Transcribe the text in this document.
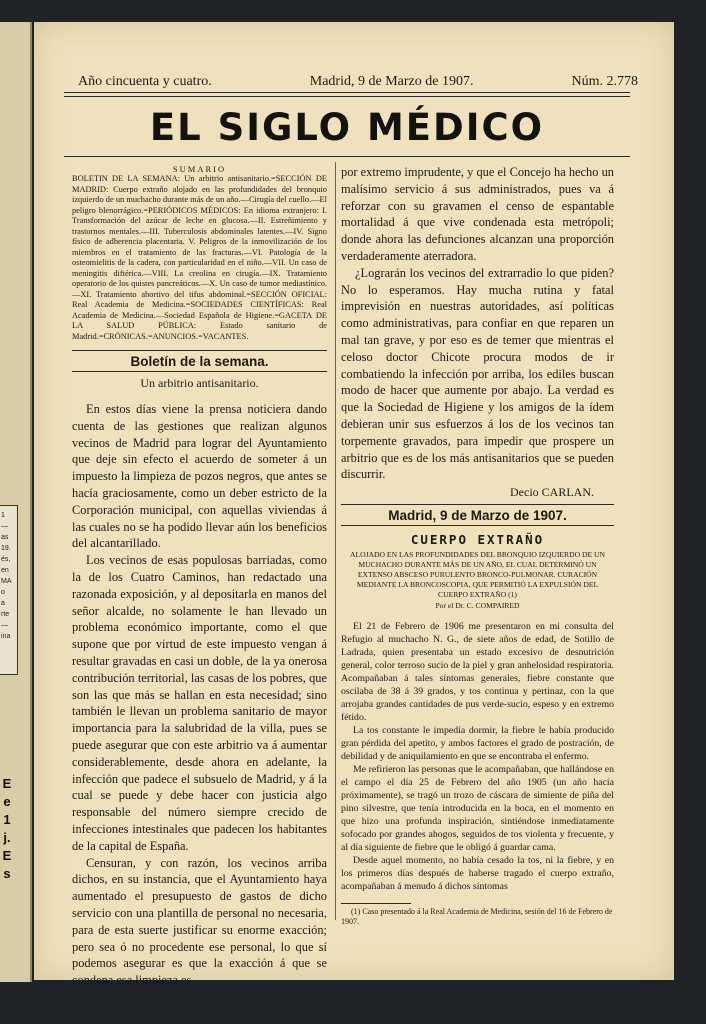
1
—
as
19.
és,
en
MA
o
a
rte
—
ina
E
e
1
j.
E
s
Año cincuenta y cuatro.	Madrid, 9 de Marzo de 1907.	Núm. 2.778
EL SIGLO MÉDICO
SUMARIO
BOLETIN DE LA SEMANA: Un arbitrio antisanitario.=SECCIÓN DE MADRID: Cuerpo extraño alojado en las profundidades del bronquio izquierdo de un muchacho durante más de un año.—Cirugía del cuello.—El peligro blenorrágico.=PERIÓDICOS MÉDICOS: En idioma extranjero: I. Transformación del azúcar de leche en glucosa.—II. Estreñimiento y trastornos mentales.—III. Tuberculosis abdominales latentes.—IV. Signo físico de adherencia placentaria. V. Peligros de la inmovilización de los miembros en el tratamiento de las fracturas.—VI. Patología de la osteomielitis de la cadera, con particularidad en el niño.—VII. Un caso de meningitis diftérica.—VIII. La creolina en cirugía.—IX. Tratamiento operatorio de los quistes pancreáticos.—X. Un caso de tumor mediastínico.—XI. Tratamiento abortivo del tifus abdominal.=SECCIÓN OFICIAL: Real Academia de Medicina.=SOCIEDADES CIENTÍFICAS: Real Academia de Medicina.—Sociedad Española de Higiene.=GACETA DE LA SALUD PÚBLICA: Estado sanitario de Madrid.=CRÓNICAS.=ANUNCIOS.=VACANTES.
Boletín de la semana.
Un arbitrio antisanitario.

En estos días viene la prensa noticiera dando cuenta de las gestiones que realizan algunos vecinos de Madrid para lograr del Ayuntamiento que deje sin efecto el acuerdo de someter á un impuesto la limpieza de pozos negros, que antes se hacía graciosamente, como un deber estricto de la Corporación municipal, con aquellas viviendas á las cuales no se ha podido llevar aún los beneficios del alcantarillado.

Los vecinos de esas populosas barriadas, como la de los Cuatro Caminos, han redactado una razonada exposición, y al depositarla en manos del señor alcalde, no solamente le han llevado un problema económico importante, como el que supone que por virtud de este impuesto vengan á resultar gravadas en casi un doble, de la ya onerosa contribución territorial, las casas de los pobres, que son las que más se hallan en esta necesidad; sino también le llevan un problema sanitario de mayor importancia para la salubridad de la villa, pues se puede asegurar que con este arbitrio va á aumentar considerablemente, desde ahora en adelante, la infección que padece el subsuelo de Madrid, y á la cual se puede y debe hacer con justicia algo responsable del número siempre crecido de infecciones intestinales que padecen los habitantes de la capital de España.

Censuran, y con razón, los vecinos arriba dichos, en su instancia, que el Ayuntamiento haya aumentado el presupuesto de gastos de dicho servicio con una plantilla de personal no necesaria, para de esta suerte justificar su enorme exacción; pero sea ó no procedente ese personal, lo que sí podemos asegurar es que la exacción á que se condena esa limpieza es

por extremo imprudente, y que el Concejo ha hecho un malísimo servicio á sus administrados, pues va á reforzar con su gravamen el censo de espantable mortalidad á que vive condenada esta metrópoli; donde ahora las defunciones alcanzan una proporción verdaderamente aterradora.

¿Lograrán los vecinos del extrarradio lo que piden? No lo esperamos. Hay mucha rutina y fatal imprevisión en nuestras autoridades, así políticas como administrativas, para confiar en que reparen un mal tan grave, y por eso es de temer que mientras el celoso doctor Chicote procura modos de ir combatiendo la infección por arriba, los ediles buscan modo de hacer que aumente por abajo. La verdad es que la Sociedad de Higiene y los amigos de la ídem debieran unir sus esfuerzos á los de los vecinos tan torpemente gravados, para impedir que prospere un arbitrio que es de los más antisanitarios que se pueden discurrir.

Decio CARLAN.
Madrid, 9 de Marzo de 1907.
CUERPO EXTRAÑO
ALOJADO EN LAS PROFUNDIDADES DEL BRONQUIO IZQUIERDO DE UN MUCHACHO DURANTE MÁS DE UN AÑO, EL CUAL DETERMINÓ UN EXTENSO ABSCESO PURULENTO BRONCO-PULMONAR. CURACIÓN MEDIANTE LA BRONCOSCOPIA, QUE PERMITIÓ LA EXPULSIÓN DEL CUERPO EXTRAÑO (1)
Por el Dr. C. COMPAIRED

El 21 de Febrero de 1906 me presentaron en mi consulta del Refugio al muchacho N. G., de siete años de edad, de Sotillo de Ladrada, quien presentaba un estado excesivo de desnutrición general, color terroso sucio de la piel y gran anhelosidad respiratoria. Acompañaban á tales síntomas generales, fiebre constante que oscilaba de 38 á 39 grados, y tos continua y pertinaz, con la que arrojaba grandes cantidades de pus verde-sucio, espeso y en extremo fétido.

La tos constante le impedía dormir, la fiebre le había producido gran pérdida del apetito, y ambos factores el grado de postración, de debilidad y de aniquilamiento en que se encontraba el enfermo.

Me refirieron las personas que le acompañaban, que hallándose en el campo el día 25 de Febrero del año 1905 (un año hacía próximamente), se tragó un trozo de cáscara de simiente de piña del pino silvestre, que tenía introducida en la boca, en el momento en que hizo una profunda inspiración, sintiéndose inmediatamente sofocado por grandes ahogos, seguidos de tos violenta y frecuente, y al día siguiente de fiebre que le obligó á guardar cama.

Desde aquel momento, no había cesado la tos, ni la fiebre, y en los primeros días después de haberse tragado el cuerpo extraño, acompañaban á menudo á dichos síntomas

(1) Caso presentado á la Real Academia de Medicina, sesión del 16 de Febrero de 1907.
